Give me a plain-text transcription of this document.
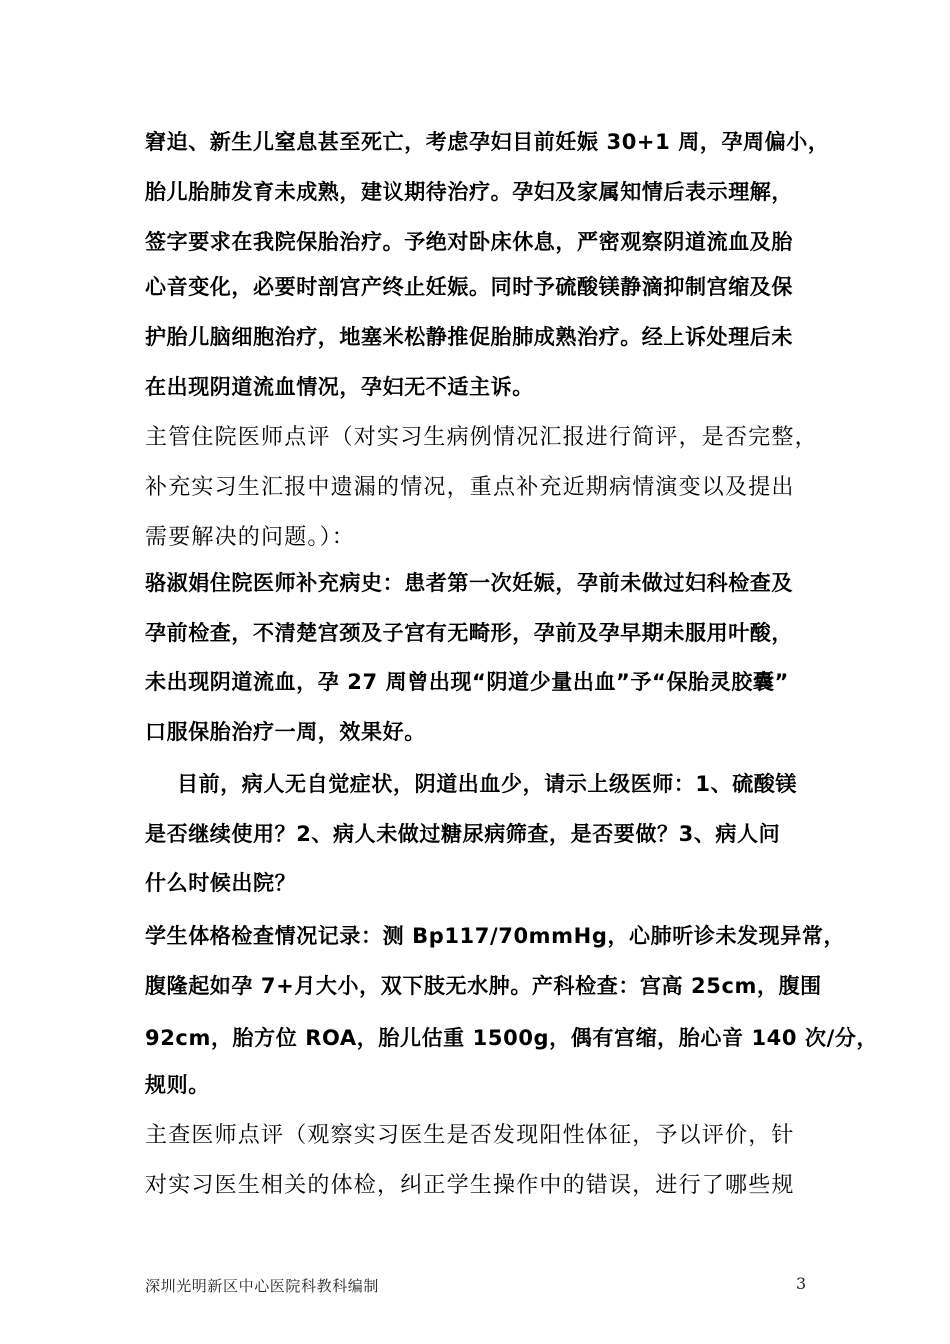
窘迫、新生儿窒息甚至死亡，考虑孕妇目前妊娠 30+1 周，孕周偏小，
胎儿胎肺发育未成熟，建议期待治疗。孕妇及家属知情后表示理解，
签字要求在我院保胎治疗。予绝对卧床休息，严密观察阴道流血及胎
心音变化，必要时剖宫产终止妊娠。同时予硫酸镁静滴抑制宫缩及保
护胎儿脑细胞治疗，地塞米松静推促胎肺成熟治疗。经上诉处理后未
在出现阴道流血情况，孕妇无不适主诉。
主管住院医师点评（对实习生病例情况汇报进行简评，是否完整，
补充实习生汇报中遗漏的情况，重点补充近期病情演变以及提出
需要解决的问题。）：
骆淑娟住院医师补充病史：患者第一次妊娠，孕前未做过妇科检查及
孕前检查，不清楚宫颈及子宫有无畸形，孕前及孕早期未服用叶酸，
未出现阴道流血，孕 27 周曾出现“阴道少量出血”予“保胎灵胶囊”
口服保胎治疗一周，效果好。
目前，病人无自觉症状，阴道出血少，请示上级医师：1、硫酸镁
是否继续使用？2、病人未做过糖尿病筛查，是否要做？3、病人问
什么时候出院？
学生体格检查情况记录：测 Bp117/70mmHg，心肺听诊未发现异常，
腹隆起如孕 7+月大小，双下肢无水肿。产科检查：宫高 25cm，腹围
92cm，胎方位 ROA，胎儿估重 1500g，偶有宫缩，胎心音 140 次/分，
规则。
主查医师点评（观察实习医生是否发现阳性体征，予以评价，针
对实习医生相关的体检，纠正学生操作中的错误，进行了哪些规
深圳光明新区中心医院科教科编制	3
